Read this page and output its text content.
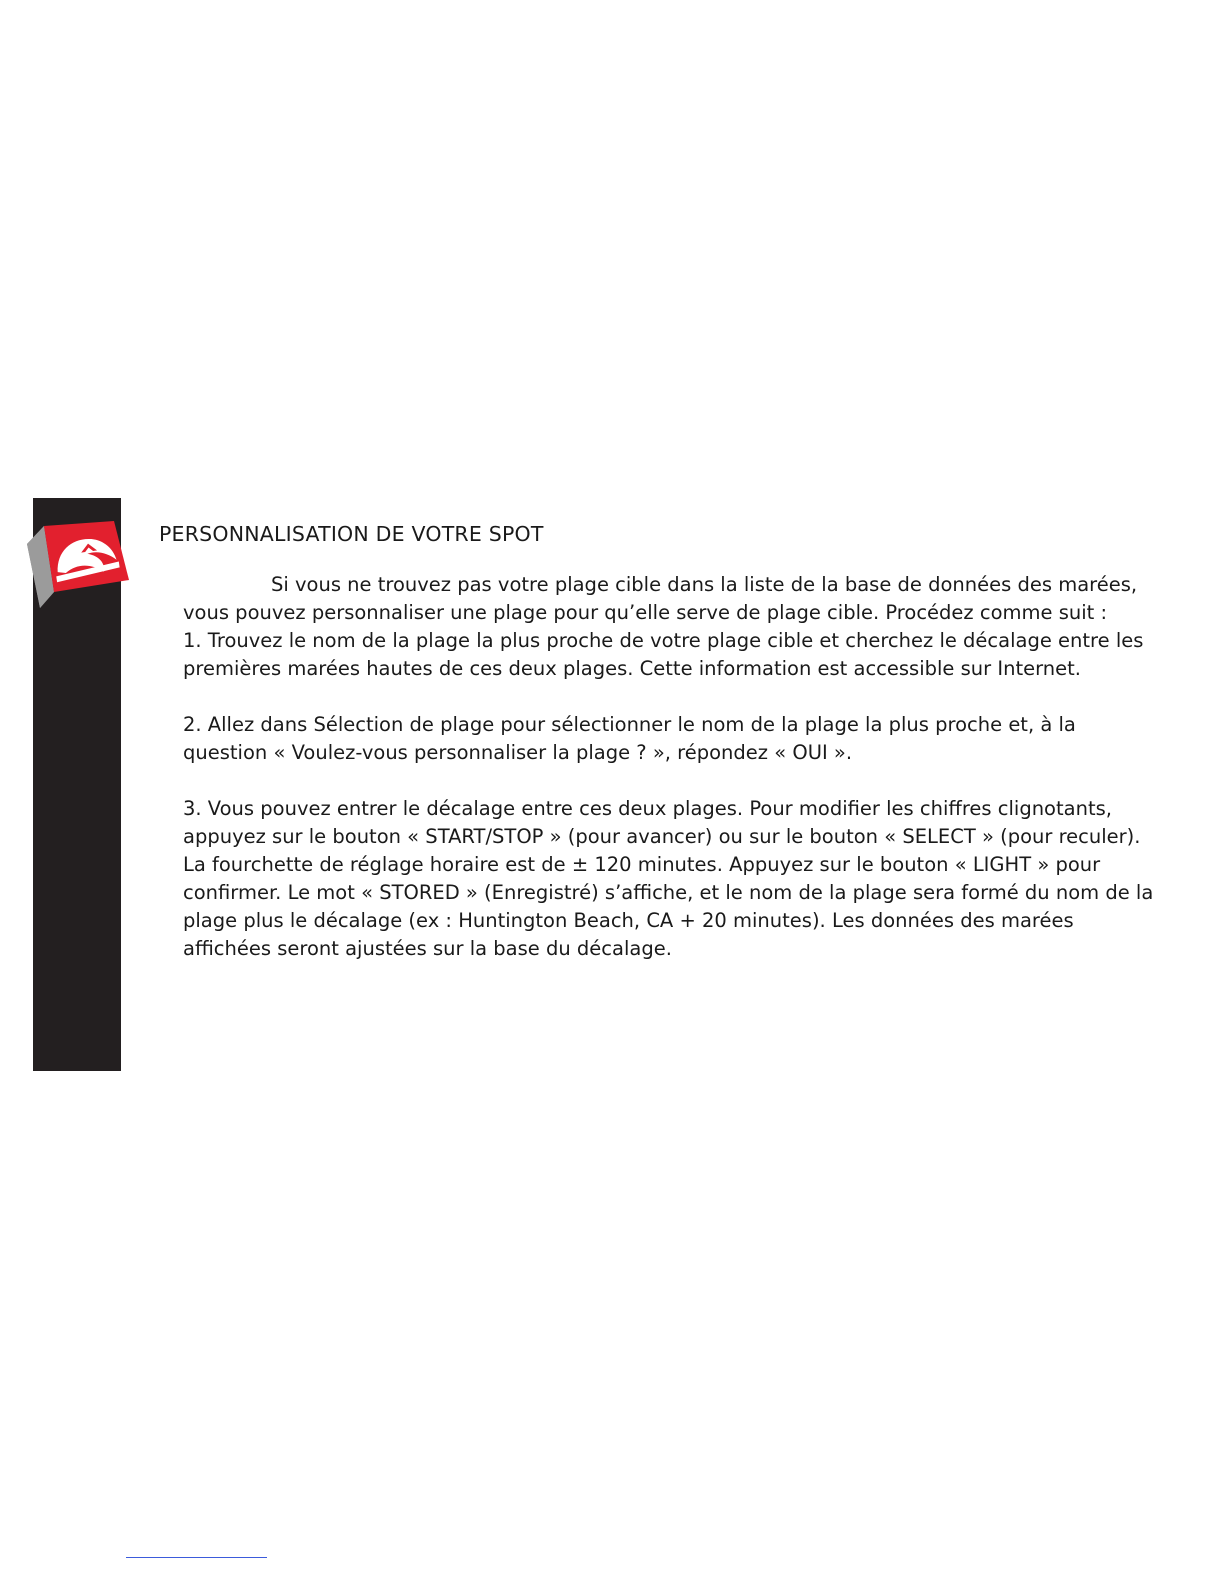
PERSONNALISATION DE VOTRE SPOT

Si vous ne trouvez pas votre plage cible dans la liste de la base de données des marées, vous pouvez personnaliser une plage pour qu’elle serve de plage cible. Procédez comme suit :

1. Trouvez le nom de la plage la plus proche de votre plage cible et cherchez le décalage entre les premières marées hautes de ces deux plages. Cette information est accessible sur Internet.

2. Allez dans Sélection de plage pour sélectionner le nom de la plage la plus proche et, à la question « Voulez-vous personnaliser la plage ? », répondez « OUI ».

3. Vous pouvez entrer le décalage entre ces deux plages. Pour modifier les chiffres clignotants, appuyez sur le bouton « START/STOP » (pour avancer) ou sur le bouton « SELECT » (pour reculer). La fourchette de réglage horaire est de ± 120 minutes. Appuyez sur le bouton « LIGHT » pour confirmer. Le mot « STORED » (Enregistré) s’affiche, et le nom de la plage sera formé du nom de la plage plus le décalage (ex : Huntington Beach, CA + 20 minutes). Les données des marées affichées seront ajustées sur la base du décalage.
